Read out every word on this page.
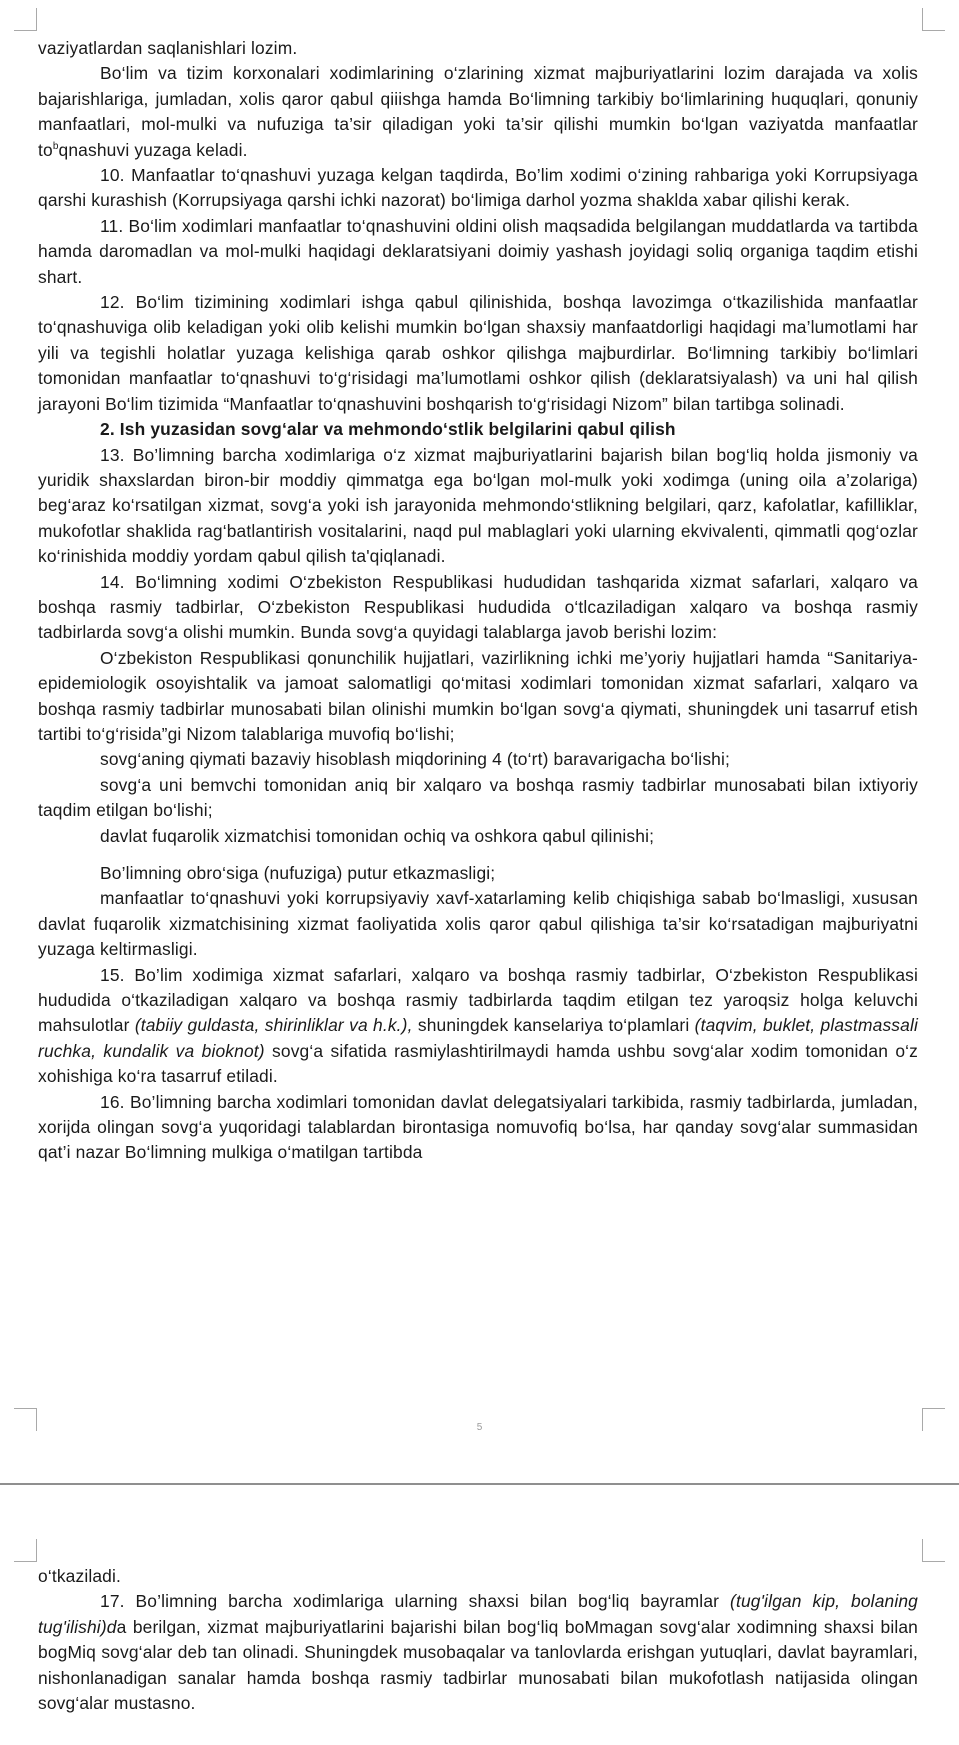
vaziyatlardan saqlanishlari lozim.

Bo‘lim va tizim korxonalari xodimlarining o‘zlarining xizmat majburiyatlarini lozim darajada va xolis bajarishlariga, jumladan, xolis qaror qabul qiiishga hamda Bo‘limning tarkibiy bo‘limlarining huquqlari, qonuniy manfaatlari, mol-mulki va nufuziga ta’sir qiladigan yoki ta’sir qilishi mumkin bo‘lgan vaziyatda manfaatlar $to^bqnashuvi$ yuzaga keladi.

10. Manfaatlar to‘qnashuvi yuzaga kelgan taqdirda, Bo’lim xodimi o‘zining rahbariga yoki Korrupsiyaga qarshi kurashish (Korrupsiyaga qarshi ichki nazorat) bo‘limiga darhol yozma shaklda xabar qilishi kerak.

11. Bo‘lim xodimlari manfaatlar to‘qnashuvini oldini olish maqsadida belgilangan muddatlarda va tartibda hamda daromadlan va mol-mulki haqidagi deklaratsiyani doimiy yashash joyidagi soliq organiga taqdim etishi shart.

12. Bo‘lim tizimining xodimlari ishga qabul qilinishida, boshqa lavozimga o‘tkazilishida manfaatlar to‘qnashuviga olib keladigan yoki olib kelishi mumkin bo‘lgan shaxsiy manfaatdorligi haqidagi ma’lumotlami har yili va tegishli holatlar yuzaga kelishiga qarab oshkor qilishga majburdirlar. Bo‘limning tarkibiy bo‘limlari tomonidan manfaatlar to‘qnashuvi to‘g‘risidagi ma’lumotlami oshkor qilish (deklaratsiyalash) va uni hal qilish jarayoni Bo‘lim tizimida “Manfaatlar to‘qnashuvini boshqarish to‘g‘risidagi Nizom” bilan tartibga solinadi.

2. Ish yuzasidan sovg‘alar va mehmondo‘stlik belgilarini qabul qilish

13. Bo’limning barcha xodimlariga o‘z xizmat majburiyatlarini bajarish bilan bog‘liq holda jismoniy va yuridik shaxslardan biron-bir moddiy qimmatga ega bo‘lgan mol-mulk yoki xodimga (uning oila a’zolariga) beg‘araz ko‘rsatilgan xizmat, sovg‘a yoki ish jarayonida mehmondo‘stlikning belgilari, qarz, kafolatlar, kafilliklar, mukofotlar shaklida rag‘batlantirish vositalarini, naqd pul mablaglari yoki ularning ekvivalenti, qimmatli qog‘ozlar ko‘rinishida moddiy yordam qabul qilish ta'qiqlanadi.

14. Bo‘limning xodimi O‘zbekiston Respublikasi hududidan tashqarida xizmat safarlari, xalqaro va boshqa rasmiy tadbirlar, O‘zbekiston Respublikasi hududida o‘tlcaziladigan xalqaro va boshqa rasmiy tadbirlarda sovg‘a olishi mumkin. Bunda sovg‘a quyidagi talablarga javob berishi lozim:

O‘zbekiston Respublikasi qonunchilik hujjatlari, vazirlikning ichki me’yoriy hujjatlari hamda “Sanitariya-epidemiologik osoyishtalik va jamoat salomatligi qo‘mitasi xodimlari tomonidan xizmat safarlari, xalqaro va boshqa rasmiy tadbirlar munosabati bilan olinishi mumkin bo‘lgan sovg‘a qiymati, shuningdek uni tasarruf etish tartibi to‘g‘risida”gi Nizom talablariga muvofiq bo‘lishi;

sovg‘aning qiymati bazaviy hisoblash miqdorining 4 (to‘rt) baravarigacha bo‘lishi;

sovg‘a uni bemvchi tomonidan aniq bir xalqaro va boshqa rasmiy tadbirlar munosabati bilan ixtiyoriy taqdim etilgan bo‘lishi;

davlat fuqarolik xizmatchisi tomonidan ochiq va oshkora qabul qilinishi;

Bo’limning obro‘siga (nufuziga) putur etkazmasligi;

manfaatlar to‘qnashuvi yoki korrupsiyaviy xavf-xatarlaming kelib chiqishiga sabab bo‘lmasligi, xususan davlat fuqarolik xizmatchisining xizmat faoliyatida xolis qaror qabul qilishiga ta’sir ko‘rsatadigan majburiyatni yuzaga keltirmasligi.

15. Bo’lim xodimiga xizmat safarlari, xalqaro va boshqa rasmiy tadbirlar, O‘zbekiston Respublikasi hududida o‘tkaziladigan xalqaro va boshqa rasmiy tadbirlarda taqdim etilgan tez yaroqsiz holga keluvchi mahsulotlar (tabiiy guldasta, shirinliklar va h.k.), shuningdek kanselariya to‘plamlari (taqvim, buklet, plastmassali ruchka, kundalik va bioknot) sovg‘a sifatida rasmiylashtirilmaydi hamda ushbu sovg‘alar xodim tomonidan o‘z xohishiga ko‘ra tasarruf etiladi.

16. Bo’limning barcha xodimlari tomonidan davlat delegatsiyalari tarkibida, rasmiy tadbirlarda, jumladan, xorijda olingan sovg‘a yuqoridagi talablardan birontasiga nomuvofiq bo‘lsa, har qanday sovg‘alar summasidan qat’i nazar Bo‘limning mulkiga o‘matilgan tartibda

5

o‘tkaziladi.

17. Bo’limning barcha xodimlariga ularning shaxsi bilan bog‘liq bayramlar (tug'ilgan kip, bolaning tug'ilishi)da berilgan, xizmat majburiyatlarini bajarishi bilan bog‘liq boMmagan sovg‘alar xodimning shaxsi bilan bogMiq sovg‘alar deb tan olinadi. Shuningdek musobaqalar va tanlovlarda erishgan yutuqlari, davlat bayramlari, nishonlanadigan sanalar hamda boshqa rasmiy tadbirlar munosabati bilan mukofotlash natijasida olingan sovg‘alar mustasno.
